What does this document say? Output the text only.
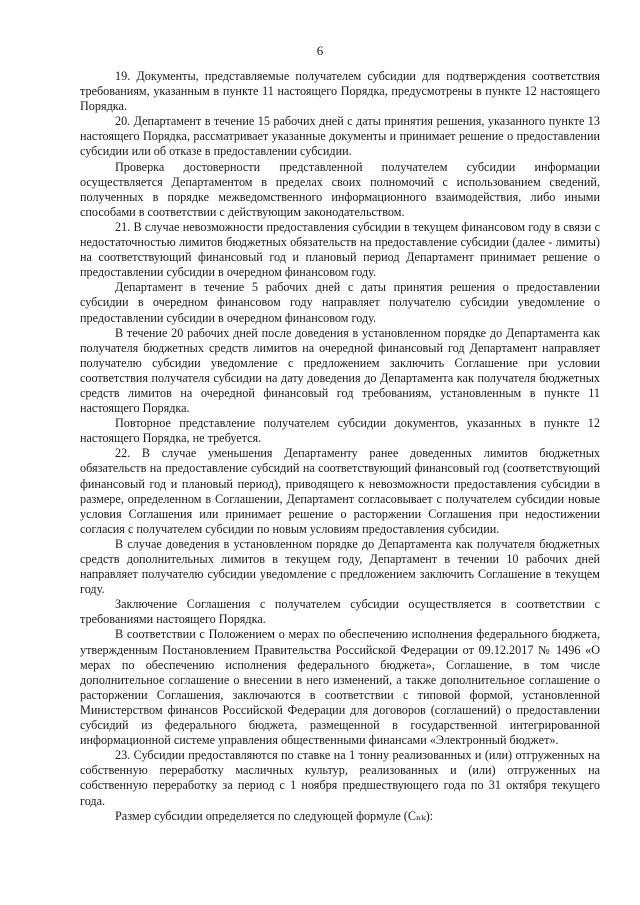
6

19. Документы, представляемые получателем субсидии для подтверждения соответствия требованиям, указанным в пункте 11 настоящего Порядка, предусмотрены в пункте 12 настоящего Порядка.

20. Департамент в течение 15 рабочих дней с даты принятия решения, указанного пункте 13 настоящего Порядка, рассматривает указанные документы и принимает решение о предоставлении субсидии или об отказе в предоставлении субсидии.

Проверка достоверности представленной получателем субсидии информации осуществляется Департаментом в пределах своих полномочий с использованием сведений, полученных в порядке межведомственного информационного взаимодействия, либо иными способами в соответствии с действующим законодательством.

21. В случае невозможности предоставления субсидии в текущем финансовом году в связи с недостаточностью лимитов бюджетных обязательств на предоставление субсидии (далее - лимиты) на соответствующий финансовый год и плановый период Департамент принимает решение о предоставлении субсидии в очередном финансовом году.

Департамент в течение 5 рабочих дней с даты принятия решения о предоставлении субсидии в очередном финансовом году направляет получателю субсидии уведомление о предоставлении субсидии в очередном финансовом году.

В течение 20 рабочих дней после доведения в установленном порядке до Департамента как получателя бюджетных средств лимитов на очередной финансовый год Департамент направляет получателю субсидии уведомление с предложением заключить Соглашение при условии соответствия получателя субсидии на дату доведения до Департамента как получателя бюджетных средств лимитов на очередной финансовый год требованиям, установленным в пункте 11 настоящего Порядка.

Повторное представление получателем субсидии документов, указанных в пункте 12 настоящего Порядка, не требуется.

22. В случае уменьшения Департаменту ранее доведенных лимитов бюджетных обязательств на предоставление субсидий на соответствующий финансовый год (соответствующий финансовый год и плановый период), приводящего к невозможности предоставления субсидии в размере, определенном в Соглашении, Департамент согласовывает с получателем субсидии новые условия Соглашения или принимает решение о расторжении Соглашения при недостижении согласия с получателем субсидии по новым условиям предоставления субсидии.

В случае доведения в установленном порядке до Департамента как получателя бюджетных средств дополнительных лимитов в текущем году, Департамент в течении 10 рабочих дней направляет получателю субсидии уведомление с предложением заключить Соглашение в текущем году.

Заключение Соглашения с получателем субсидии осуществляется в соответствии с требованиями настоящего Порядка.

В соответствии с Положением о мерах по обеспечению исполнения федерального бюджета, утвержденным Постановлением Правительства Российской Федерации от 09.12.2017 № 1496 «О мерах по обеспечению исполнения федерального бюджета», Соглашение, в том числе дополнительное соглашение о внесении в него изменений, а также дополнительное соглашение о расторжении Соглашения, заключаются в соответствии с типовой формой, установленной Министерством финансов Российской Федерации для договоров (соглашений) о предоставлении субсидий из федерального бюджета, размещенной в государственной интегрированной информационной системе управления общественными финансами «Электронный бюджет».

23. Субсидии предоставляются по ставке на 1 тонну реализованных и (или) отгруженных на собственную переработку масличных культур, реализованных и (или) отгруженных на собственную переработку за период с 1 ноября предшествующего года по 31 октября текущего года.

Размер субсидии определяется по следующей формуле (Cₙₖ):
